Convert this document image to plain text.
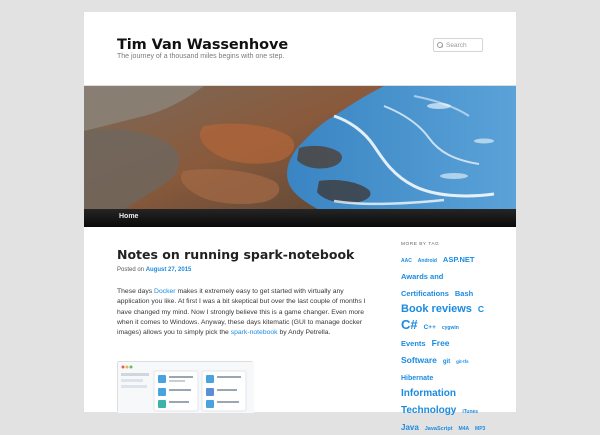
Tim Van Wassenhove
The journey of a thousand miles begins with one step.
Search
Home
Notes on running spark-notebook
Posted on August 27, 2015
These days Docker makes it extremely easy to get started with virtually any application you like. At first I was a bit skeptical but over the last couple of months I have changed my mind. Now I strongly believe this is a game changer. Even more when it comes to Windows. Anyway, these days kitematic (GUI to manage docker images) allows you to simply pick the spark-notebook by Andy Petrella.
MORE BY TAG
AAC Android ASP.NET Awards and Certifications Bash Book reviews C C# C++ cygwin Events Free Software git git-tfs Hibernate Information Technology iTunes Java JavaScript M4A MP3
